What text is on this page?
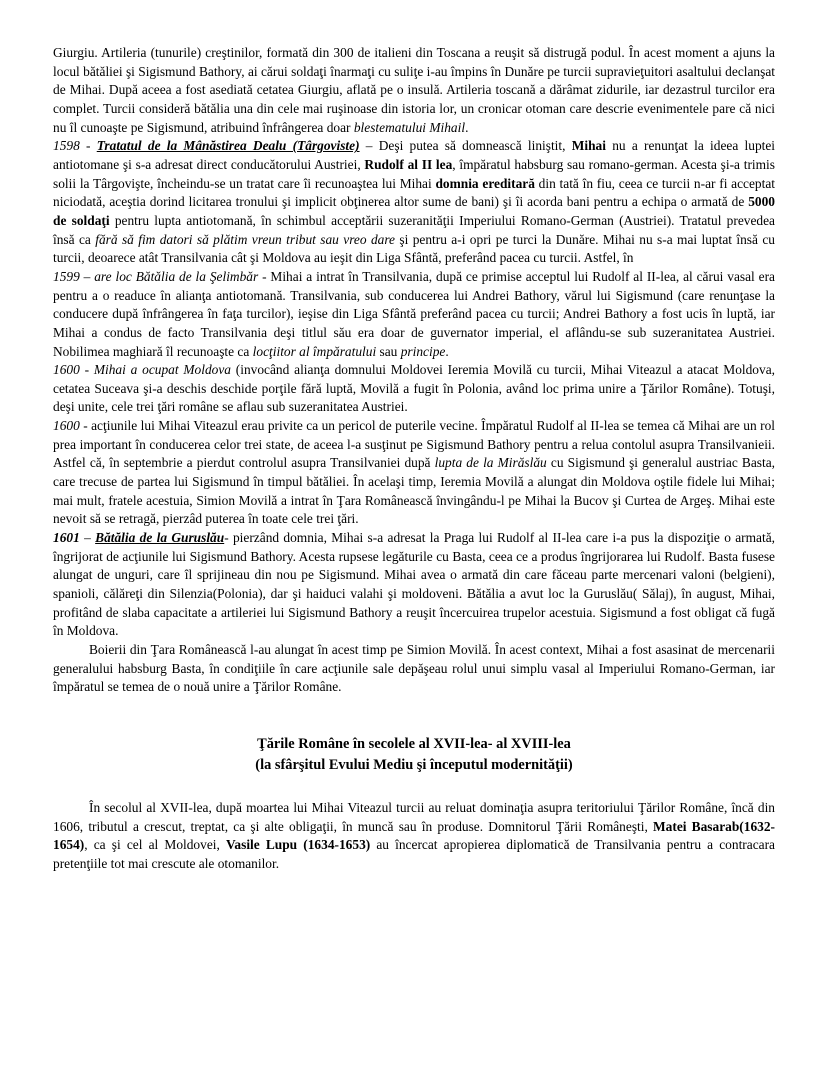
Giurgiu. Artileria (tunurile) creştinilor, formată din 300 de italieni din Toscana a reuşit să distrugă podul. În acest moment a ajuns la locul bătăliei şi Sigismund Bathory, ai cărui soldaţi înarmaţi cu suliţe i-au împins în Dunăre pe turcii supravieţuitori asaltului declanşat de Mihai. După aceea a fost asediată cetatea Giurgiu, aflată pe o insulă. Artileria toscană a dărâmat zidurile, iar dezastrul turcilor era complet. Turcii consideră bătălia una din cele mai ruşinoase din istoria lor, un cronicar otoman care descrie evenimentele pare că nici nu îl cunoaşte pe Sigismund, atribuind înfrângerea doar blestematului Mihail.

1598 - Tratatul de la Mânăstirea Dealu (Târgoviste) – Deşi putea să domnească liniştit, Mihai nu a renunţat la ideea luptei antiotomane şi s-a adresat direct conducătorului Austriei, Rudolf al II lea, împăratul habsburg sau romano-german. Acesta şi-a trimis solii la Târgovişte, încheindu-se un tratat care îi recunoaştea lui Mihai domnia ereditară din tată în fiu, ceea ce turcii n-ar fi acceptat niciodată, aceştia dorind licitarea tronului şi implicit obţinerea altor sume de bani) şi îi acorda bani pentru a echipa o armată de 5000 de soldaţi pentru lupta antiotomană, în schimbul acceptării suzeranităţii Imperiului Romano-German (Austriei). Tratatul prevedea însă ca fără să fim datori să plătim vreun tribut sau vreo dare şi pentru a-i opri pe turci la Dunăre. Mihai nu s-a mai luptat însă cu turcii, deoarece atât Transilvania cât şi Moldova au ieşit din Liga Sfântă, preferând pacea cu turcii. Astfel, în

1599 – are loc Bătălia de la Şelimbăr - Mihai a intrat în Transilvania, după ce primise acceptul lui Rudolf al II-lea, al cărui vasal era pentru a o readuce în alianţa antiotomană. Transilvania, sub conducerea lui Andrei Bathory, vărul lui Sigismund (care renunţase la conducere după înfrângerea în faţa turcilor), ieşise din Liga Sfântă preferând pacea cu turcii; Andrei Bathory a fost ucis în luptă, iar Mihai a condus de facto Transilvania deşi titlul său era doar de guvernator imperial, el aflându-se sub suzeranitatea Austriei. Nobilimea maghiară îl recunoaşte ca locţiitor al împăratului sau principe.

1600 - Mihai a ocupat Moldova (invocând alianţa domnului Moldovei Ieremia Movilă cu turcii, Mihai Viteazul a atacat Moldova, cetatea Suceava şi-a deschis deschide porţile fără luptă, Movilă a fugit în Polonia, având loc prima unire a Ţărilor Române). Totuşi, deşi unite, cele trei ţări române se aflau sub suzeranitatea Austriei.

1600 - acţiunile lui Mihai Viteazul erau privite ca un pericol de puterile vecine. Împăratul Rudolf al II-lea se temea că Mihai are un rol prea important în conducerea celor trei state, de aceea l-a susţinut pe Sigismund Bathory pentru a relua contolul asupra Transilvanieii. Astfel că, în septembrie a pierdut controlul asupra Transilvaniei după lupta de la Mirăslău cu Sigismund şi generalul austriac Basta, care trecuse de partea lui Sigismund în timpul bătăliei. În acelaşi timp, Ieremia Movilă a alungat din Moldova oştile fidele lui Mihai; mai mult, fratele acestuia, Simion Movilă a intrat în Ţara Românească învingându-l pe Mihai la Bucov şi Curtea de Argeş. Mihai este nevoit să se retragă, pierzâd puterea în toate cele trei ţări.

1601 – Bătălia de la Guruslău- pierzând domnia, Mihai s-a adresat la Praga lui Rudolf al II-lea care i-a pus la dispoziţie o armată, îngrijorat de acţiunile lui Sigismund Bathory. Acesta rupsese legăturile cu Basta, ceea ce a produs îngrijorarea lui Rudolf. Basta fusese alungat de unguri, care îl sprijineau din nou pe Sigismund. Mihai avea o armată din care făceau parte mercenari valoni (belgieni), spanioli, călăreţi din Silenzia(Polonia), dar şi haiduci valahi şi moldoveni. Bătălia a avut loc la Guruslău( Sălaj), în august, Mihai, profitând de slaba capacitate a artileriei lui Sigismund Bathory a reuşit încercuirea trupelor acestuia. Sigismund a fost obligat că fugă în Moldova.

Boierii din Ţara Românească l-au alungat în acest timp pe Simion Movilă. În acest context, Mihai a fost asasinat de mercenarii generalului habsburg Basta, în condiţiile în care acţiunile sale depăşeau rolul unui simplu vasal al Imperiului Romano-German, iar împăratul se temea de o nouă unire a Ţărilor Române.

Ţările Române în secolele al XVII-lea- al XVIII-lea
(la sfârşitul Evului Mediu şi începutul modernităţii)

În secolul al XVII-lea, după moartea lui Mihai Viteazul turcii au reluat dominaţia asupra teritoriului Ţărilor Române, încă din 1606, tributul a crescut, treptat, ca şi alte obligaţii, în muncă sau în produse. Domnitorul Ţării Româneşti, Matei Basarab(1632-1654), ca şi cel al Moldovei, Vasile Lupu (1634-1653) au încercat apropierea diplomatică de Transilvania pentru a contracara pretenţiile tot mai crescute ale otomanilor.
